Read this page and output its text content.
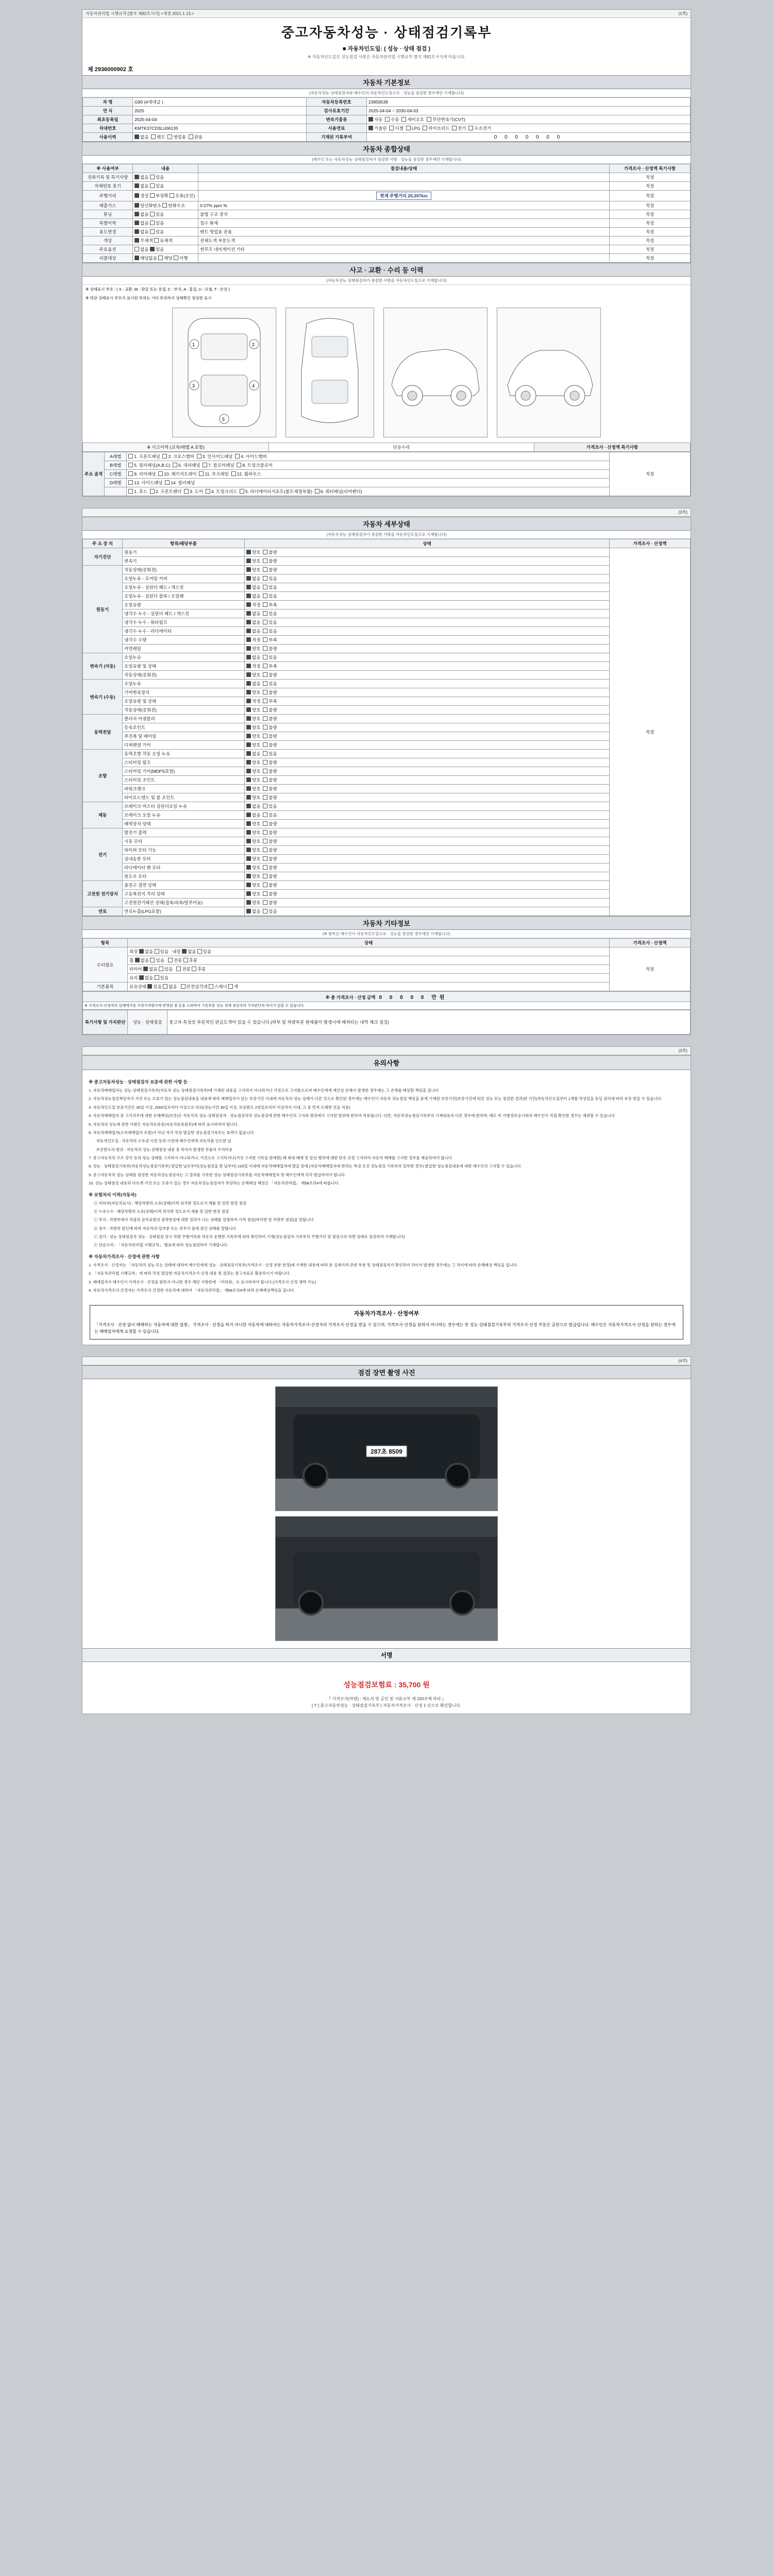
자동차관리법 시행규칙 [별지 제82호서식] <개정 2021.1.13.>	(1쪽)
중고자동차성능 · 상태점검기록부
■ 자동차인도일: ( 성능 · 상태 점검 )
※ 자동차인도일로 성능점검 사항은 자동차관리법 시행규칙 별지 제82호서식에 따릅니다.
제 2936000902 호
자동차 기본정보
(자동차성능·상태점검자와 매수인의 자동차인도일으로 · 성능을 점검한 경우에만 기재합니다)
차 명	G90 (4세대급 )	자동차등록번호	23959539
연 식	2025	검사유효기간	2025-04-04 ~ 2030-04-03
최초등록일	2025-04-04	변속기종류	자동 수동 세미오토 무단변속기(CVT)
차대번호	KMTK37CD3LU06135	사용연료	가솔린 디젤 LPG 하이브리드 전기 수소전기
사용이력	없음 렌트 영업용 관용	기재된 기록부여	0 0 0 0 0 0 0
자동차 종합상태
(매수인 또는 자동차성능·상태점검자가 점검한 사항 · 성능을 점검한 경우에만 기재합니다)
※ 사용여부	내용	점검내용/상태	가격조사 · 산정액 특기사항
전좌기록 및 특기사항	없음 있음		적정
자체번호 표기	없음 있음		적정
주행거리	정상 부정확 오류(오인)	현재 주행거리 20,397km	적정
배출가스	일산화탄소 탄화수소	0.07% ppm %	적정
튜닝	없음 있음	불법 구조 장치	적정
특별이력	없음 있음	침수 화재	적정
용도변경	없음 있음	렌트 영업용 관용	적정
색상	무채색 유채색	전체도색 부분도색	적정
주요옵션	없음 있음	썬루프 네비게이션 기타	적정
리콜대상	해당없음 해당 이행		적정
사고 · 교환 · 수리 등 이력
(자동차성능·상태점검자가 점검한 사항을 자동차인도일으로 기재합니다)
※ 상태표시 부호 : ( X : 교환, W : 판금 또는 용접, C : 부식, A : 흠집, U : 요철, T : 손상 )
※ 하단 상태표시 부호가 표시된 부위는 기타 부위까지 상태확인 점검한 표시
1	2
3	4
5
※ 사고이력 (교차/레벨 A 포함)	단순수리	가격조사 · 산정액 특기사항
주요 골격	A레벨	1. 프론트패널 2. 크로스멤버 3. 인사이드패널 4. 사이드멤버	적정
	B레벨	5. 필러패널(A,B,C) 6. 대쉬패널 7. 플로어패널 8. 트렁크플로어	
	C레벨	9. 리어패널 10. 패키지트레이 11. 루프레일 12. 휠하우스	
	D레벨	13. 사이드패널 14. 필러패널	
		1. 후드 2. 프론트펜더 3. 도어 4. 트렁크리드 5. 라디에이터서포트(볼트체결부품) 6. 쿼터패널(리어펜더)	

(2쪽)
자동차 세부상태
(자동차성능·상태점검자가 점검한 사항을 자동차인도일으로 기재합니다)
주 요 장 치	항목/해당부품	상태	가격조사 · 산정액
자기진단	원동기	양호  불량	적정
	변속기	양호  불량	
원동기	작동상태(공회전)	양호  불량	
	오일누유 - 로커암 커버	없음  있음	
	오일누유 - 실린더 헤드 / 개스킷	없음  있음	
	오일누유 - 실린더 블록 / 오일팬	없음  있음	
	오일유량	적정  부족	
	냉각수 누수 - 실린더 헤드 / 개스킷	없음  있음	
	냉각수 누수 - 워터펌프	없음  있음	
	냉각수 누수 - 라디에이터	없음  있음	
	냉각수 수량	적정  부족	
	커먼레일	양호  불량	
변속기 (자동)	오일누유	없음  있음	
	오일유량 및 상태	적정  부족	
	작동상태(공회전)	양호  불량	
변속기 (수동)	오일누유	없음  있음	
	기어변속장치	양호  불량	
	오일유량 및 상태	적정  부족	
	작동상태(공회전)	양호  불량	
동력전달	클러치 어셈블리	양호  불량	
	등속조인트	양호  불량	
	추진축 및 베어링	양호  불량	
	디퍼렌셜 기어	양호  불량	
조향	동력조향 작동 오일 누유	없음  있음	
	스티어링 펌프	양호  불량	
	스티어링 기어(MDPS포함)	양호  불량	
	스티어링 조인트	양호  불량	
	파워크랭크	양호  불량	
	타이로드엔드 및 볼 조인트	양호  불량	
제동	브레이크 마스터 실린더오일 누유	없음  있음	
	브레이크 오일 누유	없음  있음	
	배력장치 상태	양호  불량	
전기	발전기 출력	양호  불량	
	시동 모터	양호  불량	
	와이퍼 모터 기능	양호  불량	
	실내송풍 모터	양호  불량	
	라디에이터 팬 모터	양호  불량	
	윈도우 모터	양호  불량	
고전원 전기장치	충전구 절연 상태	양호  불량	
	구동축전지 격리 상태	양호  불량	
	고전원전기배선 상태(접촉/피복/알루미늄)	양호  불량	
연료	연료누출(LPG포함)	없음  있음	
자동차 기타정보
(※ 항목은 매수인이 자동차인도일으로 · 성능을 점검한 경우에만 기재합니다)
항목	상태	가격조사 · 산정액
수리필요	외장 없음 있음 내장 없음 있음	적정
	휠 없음 있음 전륜 후륜	
	타이어 없음 있음 전륜 후륜	
	유리 없음 있음	
기본품목	보유상태 있음 없음 안전삼각대 스패너 잭	
※ 총 가격조사 · 산정 금액 0 0 0 0 0 만원
※ 가격조사·산정자의 실매매가를 가정가치평가에 반영된 점 등을 고려하여 기록부를 성능·상태 점검자의 가치판단과 차이가 있을 수 있습니다.
특기사항 및 가치판단	성능 · 상태점검	중고차 특성상 부분적인 판금도색이 있을 수 있습니다.(하부 및 차량부분 완제품이 발생시에 배차되는 내역 체크 점검)

(3쪽)
유의사항
※ 중고자동차성능 · 상태점검자 보증에 관한 사항 등

1. 자동차매매업자는 성능·상태점검기록부(자동차 성능·상태점검기록부)에 기재된 내용을 고지하지 아니하거나 거짓으로 고지함으로써 매수인에게 재산상 손해가 발생한 경우에는 그 손해를 배상할 책임을 집니다.

2. 자동차성능점검책임자가 거짓 또는 오류가 있는 성능점검내용을 내용에 따라 매매업자가 있는 보증기간 이내에 자동차의 성능·상태가 다른 것으로 확인된 경우에는 매수인이 자동차 성능점검 책임을 묻게 기재된 보증기간(보증기간에 따른 성능 또는 점검한 결과)한 기간(자동차인도일부터 1개월 작성일을 동일 권리에 따라 보증 받을 수 있습니다.

3. 자동차인도일 보증기간은 30일 이상, 2000킬로미터 이상으로 하되(성능기간 30일 이상, 보증한도 2천킬로미터 이상까지 이내, 그 중 먼저 도래한 것을 적용)

4. 자동차매매업자 중 고지의무에 대한 손해배상(보증)은 자동차의 성능·상태점검자 · 성능점검자의 성능점검에 관한 매수인의 고지와 범위에서 고지한 범위에 한하여 적용됩니다. 다만, 자동차성능점검기록부의 기재내용과 다른 경우에 한하며, 매도 비 가별정보공시와의 매수인이 직접 확인한 경우는 제외할 수 있습니다.

5. 자동차의 성능에 관한 사항은 자동차등록증(자동차등록원부)에 따라 표시하여야 합니다.

6. 자동차매매업자(소속매매업자 포함)가 아닌 자가 작성·발급한 성능점검기록부는 효력이 없습니다.

· 자동차인도일 : 자동차의 소유권 이전 등록 이전에 매수인에게 자동차를 인도한 날

· 보증한도의 범위 : 자동차의 성능·상태점검 내용 중 하자가 발생한 부품의 수리비용

7. 중고자동차의 구조·장치 등의 성능·상태를 고지하지 아니하거나, 거짓으로 고지하거나(거짓 고지한 기록을 판매한) 때 최대 매매 및 알선 행위에 대한 단속 규정 고지하여 자동차 매매를 고지한 정보를 제공하여야 합니다.

8. 성능 · 상태점검기록부(자동차성능점검기록부) 발급한 날로부터(성능점검을 한 날부터) 120일 이내에 자동차매매업자에 발급 중에 (자동차매매업자에 한하는 특정 요건 성능점검 기록부의 일부한 경우) 발급한 성능점검내용에 대한 매수인의 고지할 수 있습니다.

9. 중고자동차의 성능·상태를 점검한 자동차성능점검자는 그 결과를 기록한 성능·상태점검기록부를 자동차매매업자 및 매수인에게 각각 발급하여야 합니다.

10. 성능·상태점검 내용과 다르게 거짓 또는 오류가 있는 경우 자동차성능점검자가 부담하는 손해배상 책임은 「자동차관리법」 제58조의4에 따릅니다.

※ 보험처리 이력(자동차)

ⓐ 미하자(자동차표시) : 해당차량의 소유(상태)이력 위치한 정도로서 제품 및 일반 현장 점검

ⓑ 누유누수 : 해당차량의 소유(상태)이력 위치한 정도로서 제품 및 일반 현장 점검

ⓒ 부식 : 차량부에서 직접의 금속표면의 점착현상에 대한 결과가 나는 상태를 설명하여 가적 점검(바닥면 및 차량부 점검)을 말합니다.

ⓓ 침수 : 차량의 원인에 따라 자동차의 일부분 또는 전부가 물에 잠긴 상태를 말합니다.

ⓔ 감가 : 성능·상태점검자 성능 · 상태점검 당시 차량 주행거리와 자동차 운행한 기록부에 따라 확인하여 기재(성능점검자 기록부의 주행거리 및 점검시의 차량 상태로 점검하여 기재합니다)

ⓕ 단순수리 : 「자동차관리법 시행규칙」 별표에 따라 성능점검하여 기재합니다.

※ 자동차가격조사 · 산정에 관한 사항

1. 가격조사 · 산정자는 「자동차의 성능 또는 상태에 대하여 매수인에게 성능 · 상태점검기록부(가격조사 · 산정 부분 한정)에 기재한 내용에 따라 본 실제가격 관련 부분 및 상태점검자가 확인하여 차이가 발생한 경우에는 그 차이에 따라 손해배상 책임을 집니다.

2. 「자동차관리법 시행규칙」에 따라 작성·발급한 자동차가격조사·산정 내용 및 결과는 참고자료로 활용하시기 바랍니다.

3. 매매업자가 매수인이 가격조사 · 산정을 원하지 아니한 경우 해당 사항란에 「미의뢰」로 표시하여야 합니다.(가격조사·산정 생략 가능)

4. 자동차가격조사·산정자는 가격조사·산정한 자동차에 대하여 「자동차관리법」 제58조의4에 따라 손해배상책임을 집니다.

자동차가격조사 · 산정여부
「가격조사 · 산정 없이 매매하는 자동차에 대한 설명」 가격조사 · 산정을 하지 아니한 자동차에 대하여는 자동차가격조사·산정자의 가격조사·산정을 받을 수 있으며, 가격조사·산정을 원하지 아니하는 경우에는 본 성능·상태점검기록부의 가격조사·산정 부분은 공란으로 발급됩니다. 매수인은 자동차가격조사·산정을 원하는 경우에는 매매업자에게 요청할 수 있습니다.

(4쪽)
점검 장면 촬영 사진
287초 8509
서명
성능점검보험료 : 35,700 원
『 가격조사(차량) : 제도의 및 공인 및 서류교부 제 150조에 따라 』
[ Y ] 중고자동차성능 · 상태점검기록부 | 자동차가격조사 · 산정 1 년으로 확인합니다.
